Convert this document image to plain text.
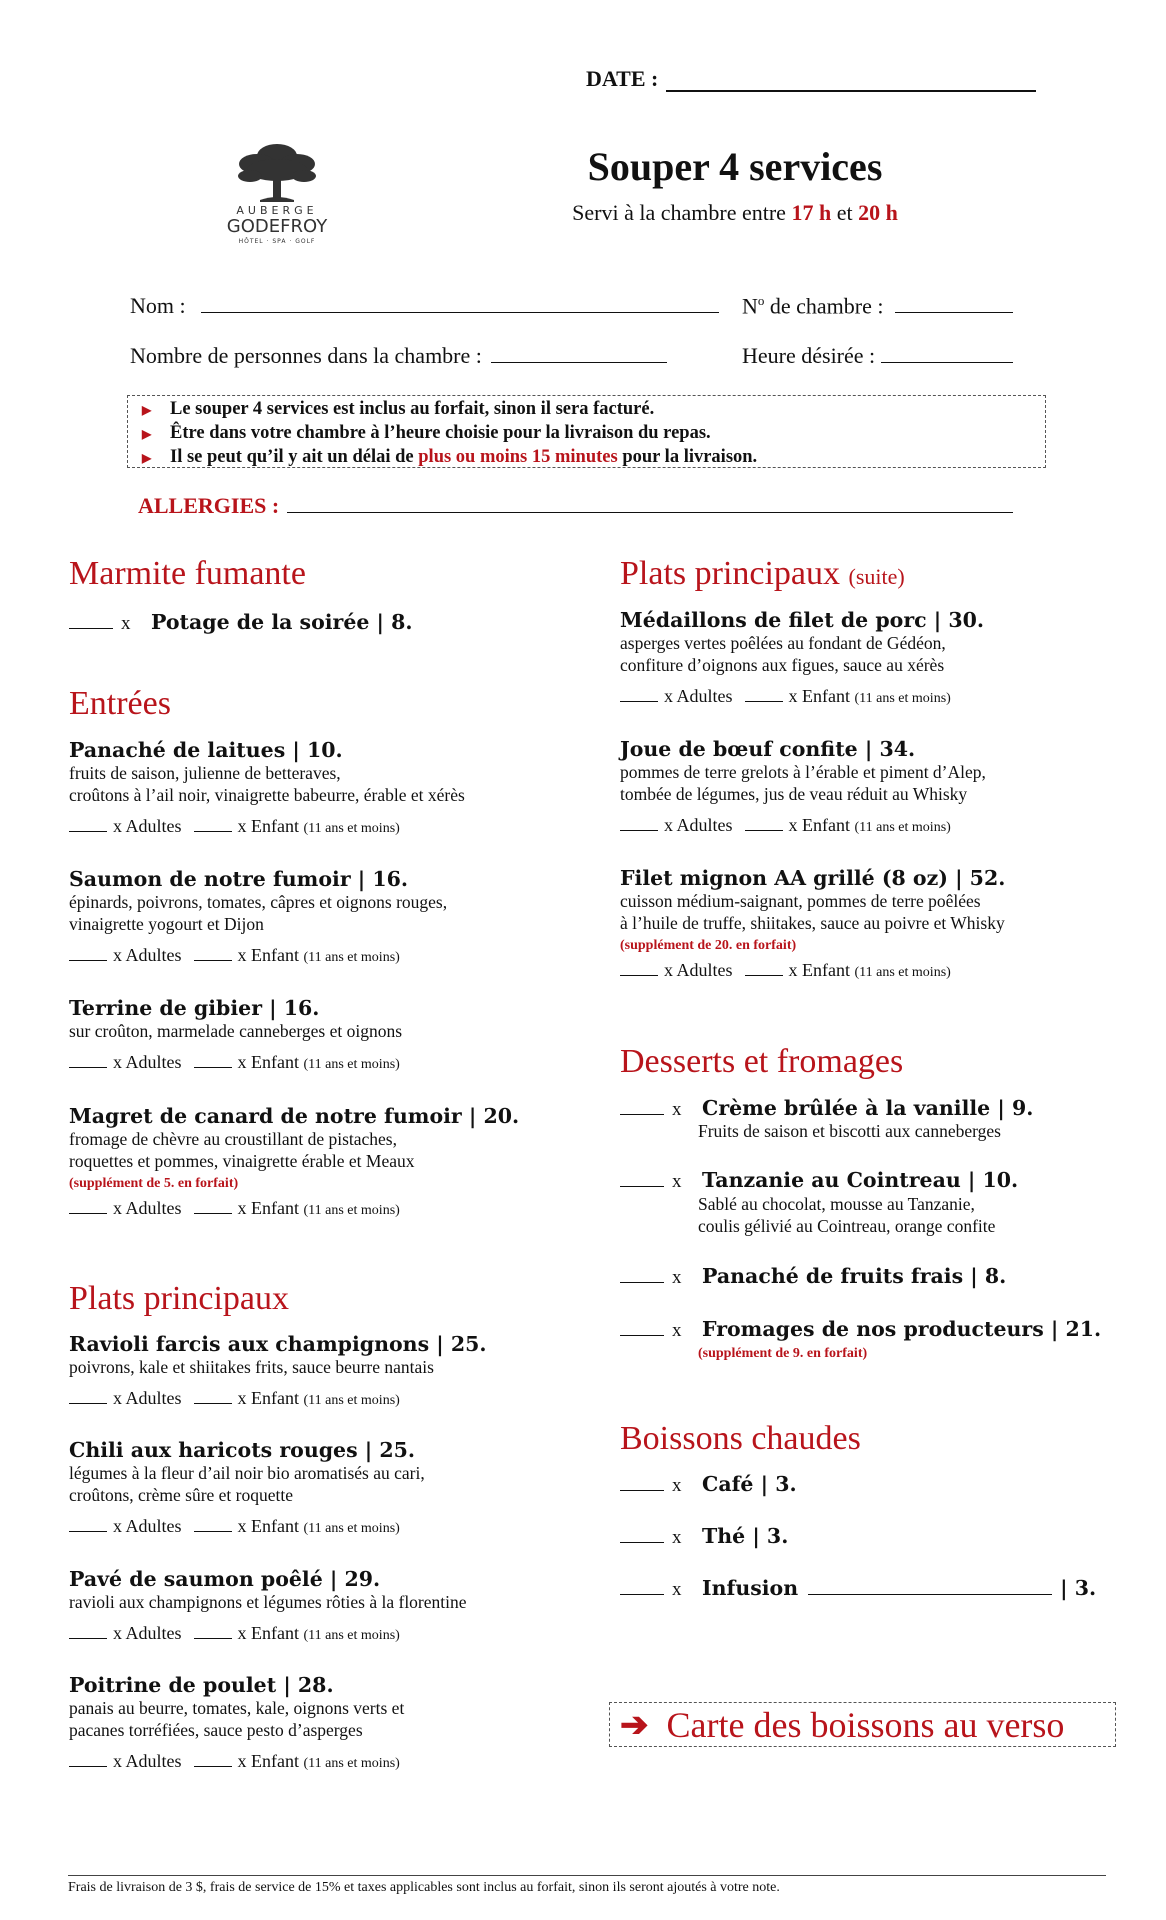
DATE :
AUBERGE
GODEFROY
HÔTEL · SPA · GOLF
Souper 4 services
Servi à la chambre entre 17 h et 20 h
Nom :	$N^o$ de chambre :
Nombre de personnes dans la chambre :	Heure désirée :
▶	Le souper 4 services est inclus au forfait, sinon il sera facturé.
▶	Être dans votre chambre à l’heure choisie pour la livraison du repas.
▶	Il se peut qu’il y ait un délai de plus ou moins 15 minutes pour la livraison.
ALLERGIES :
Marmite fumante
x	Potage de la soirée | 8.
Entrées
Panaché de laitues | 10.
fruits de saison, julienne de betteraves,
croûtons à l’ail noir, vinaigrette babeurre, érable et xérès
x Adultes	x Enfant (11 ans et moins)
Saumon de notre fumoir | 16.
épinards, poivrons, tomates, câpres et oignons rouges,
vinaigrette yogourt et Dijon
x Adultes	x Enfant (11 ans et moins)
Terrine de gibier | 16.
sur croûton, marmelade canneberges et oignons
x Adultes	x Enfant (11 ans et moins)
Magret de canard de notre fumoir | 20.
fromage de chèvre au croustillant de pistaches,
roquettes et pommes, vinaigrette érable et Meaux
(supplément de 5. en forfait)
x Adultes	x Enfant (11 ans et moins)
Plats principaux
Ravioli farcis aux champignons | 25.
poivrons, kale et shiitakes frits, sauce beurre nantais
x Adultes	x Enfant (11 ans et moins)
Chili aux haricots rouges | 25.
légumes à la fleur d’ail noir bio aromatisés au cari,
croûtons, crème sûre et roquette
x Adultes	x Enfant (11 ans et moins)
Pavé de saumon poêlé | 29.
ravioli aux champignons et légumes rôties à la florentine
x Adultes	x Enfant (11 ans et moins)
Poitrine de poulet | 28.
panais au beurre, tomates, kale, oignons verts et
pacanes torréfiées, sauce pesto d’asperges
x Adultes	x Enfant (11 ans et moins)
Plats principaux (suite)
Médaillons de filet de porc | 30.
asperges vertes poêlées au fondant de Gédéon,
confiture d’oignons aux figues, sauce au xérès
x Adultes	x Enfant (11 ans et moins)
Joue de bœuf confite | 34.
pommes de terre grelots à l’érable et piment d’Alep,
tombée de légumes, jus de veau réduit au Whisky
x Adultes	x Enfant (11 ans et moins)
Filet mignon AA grillé (8 oz) | 52.
cuisson médium-saignant, pommes de terre poêlées
à l’huile de truffe, shiitakes, sauce au poivre et Whisky
(supplément de 20. en forfait)
x Adultes	x Enfant (11 ans et moins)
Desserts et fromages
x	Crème brûlée à la vanille | 9.
Fruits de saison et biscotti aux canneberges
x	Tanzanie au Cointreau | 10.
Sablé au chocolat, mousse au Tanzanie,
coulis gélivié au Cointreau, orange confite
x	Panaché de fruits frais | 8.
x	Fromages de nos producteurs | 21.
(supplément de 9. en forfait)
Boissons chaudes
x	Café | 3.
x	Thé | 3.
x	Infusion	| 3.
➔ Carte des boissons au verso
Frais de livraison de 3 $, frais de service de 15% et taxes applicables sont inclus au forfait, sinon ils seront ajoutés à votre note.
